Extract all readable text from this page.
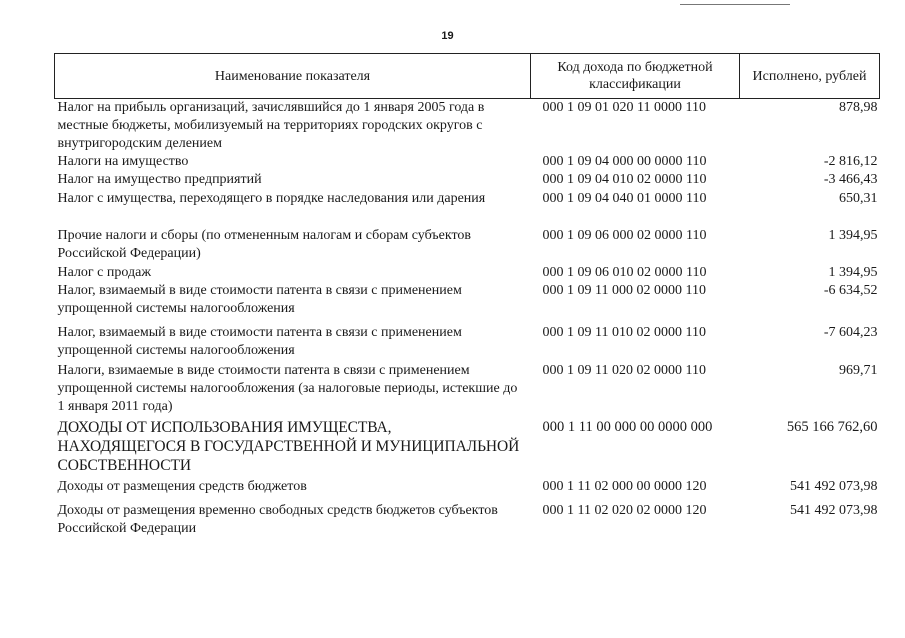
19
Наименование показателя	Код дохода по бюджетной классификации	Исполнено, рублей
Налог на прибыль организаций, зачислявшийся до 1 января 2005 года в местные бюджеты, мобилизуемый на территориях городских округов с внутригородским делением	000 1 09 01 020 11 0000 110	878,98
Налоги на имущество	000 1 09 04 000 00 0000 110	-2 816,12
Налог на имущество предприятий	000 1 09 04 010 02 0000 110	-3 466,43
Налог с имущества, переходящего в порядке наследования или дарения	000 1 09 04 040 01 0000 110	650,31
Прочие налоги и сборы (по отмененным налогам и сборам субъектов Российской Федерации)	000 1 09 06 000 02 0000 110	1 394,95
Налог с продаж	000 1 09 06 010 02 0000 110	1 394,95
Налог, взимаемый в виде стоимости патента в связи с применением упрощенной системы налогообложения	000 1 09 11 000 02 0000 110	-6 634,52
Налог, взимаемый в виде стоимости патента в связи с применением упрощенной системы налогообложения	000 1 09 11 010 02 0000 110	-7 604,23
Налоги, взимаемые в виде стоимости патента в связи с применением упрощенной системы налогообложения (за налоговые периоды, истекшие до 1 января 2011 года)	000 1 09 11 020 02 0000 110	969,71
ДОХОДЫ ОТ ИСПОЛЬЗОВАНИЯ ИМУЩЕСТВА, НАХОДЯЩЕГОСЯ В ГОСУДАРСТВЕННОЙ И МУНИЦИПАЛЬНОЙ СОБСТВЕННОСТИ	000 1 11 00 000 00 0000 000	565 166 762,60
Доходы от размещения средств бюджетов	000 1 11 02 000 00 0000 120	541 492 073,98
Доходы от размещения временно свободных средств бюджетов субъектов Российской Федерации	000 1 11 02 020 02 0000 120	541 492 073,98
